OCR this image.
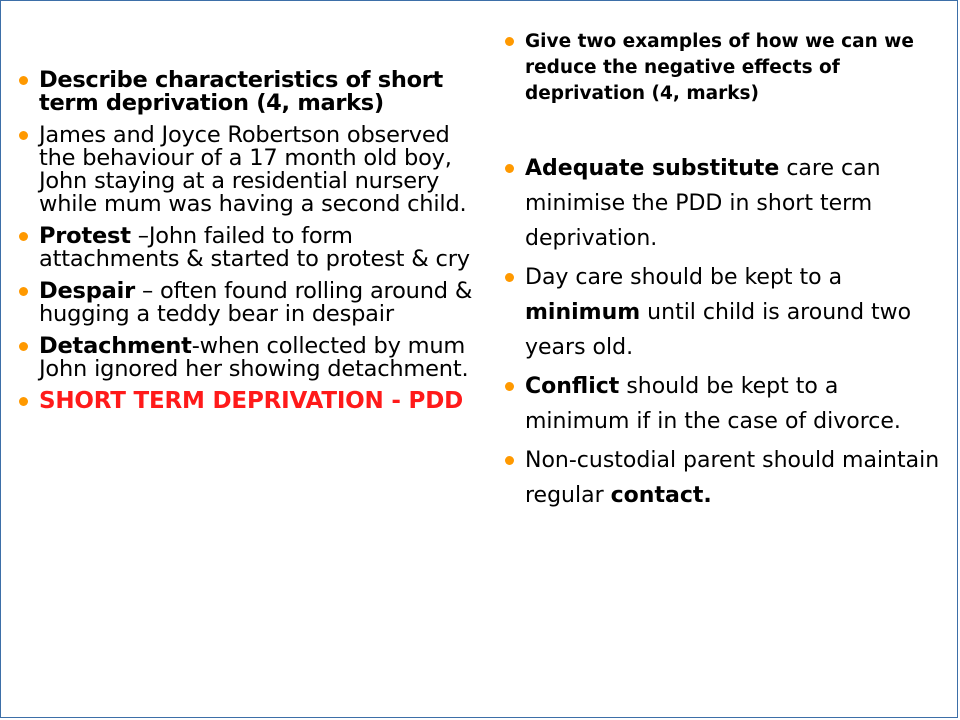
Describe characteristics of short term deprivation (4, marks)
James and Joyce Robertson observed the behaviour of a 17 month old boy, John staying at a residential nursery while mum was having a second child.
Protest –John failed to form attachments & started to protest & cry
Despair – often found rolling around & hugging a teddy bear in despair
Detachment-when collected by mum John ignored her showing detachment.
SHORT TERM DEPRIVATION - PDD
Give two examples of how we can we reduce the negative effects of deprivation (4, marks)
Adequate substitute care can minimise the PDD in short term deprivation.
Day care should be kept to a minimum until child is around two years old.
Conflict should be kept to a minimum if in the case of divorce.
Non-custodial parent should maintain regular contact.
